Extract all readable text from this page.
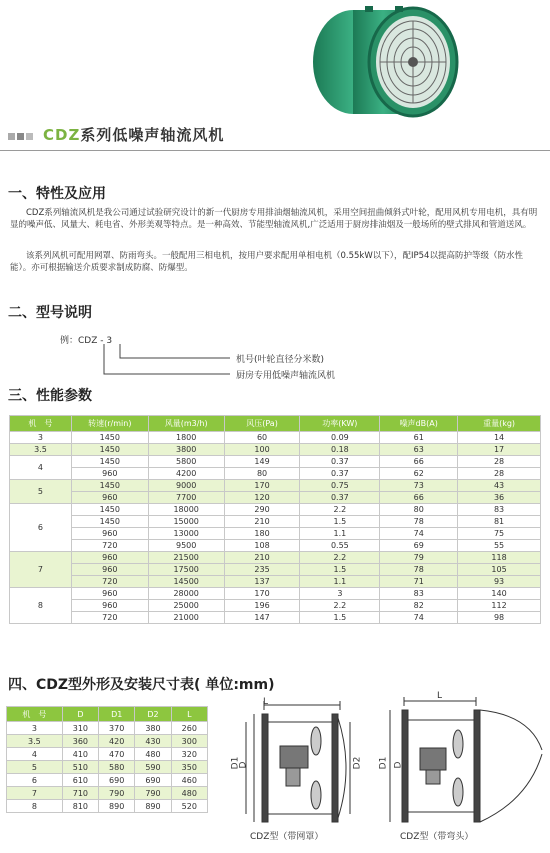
CDZ系列低噪声轴流风机
一、特性及应用
CDZ系列轴流风机是我公司通过试验研究设计的新一代厨房专用排油烟轴流风机，采用空间扭曲倾斜式叶轮，配用风机专用电机，具有明显的噪声低、风量大、耗电省、外形美观等特点。是一种高效、节能型轴流风机,广泛适用于厨房排油烟及一般场所的壁式排风和管道送风。
该系列风机可配用网罩、防雨弯头。一般配用三相电机，按用户要求配用单相电机（0.55kW以下），配IP54以提高防护等级（防水性能）。亦可根据输送介质要求制成防腐、防爆型。
二、型号说明
例：CDZ - 3
机号(叶轮直径分米数)
厨房专用低噪声轴流风机
三、性能参数
机　号	转速(r/min)	风量(m3/h)	风压(Pa)	功率(KW)	噪声dB(A)	重量(kg)
3	1450	1800	60	0.09	61	14
3.5	1450	3800	100	0.18	63	17
4	1450	5800	149	0.37	66	28
	960	4200	80	0.37	62	28
5	1450	9000	170	0.75	73	43
	960	7700	120	0.37	66	36
6	1450	18000	290	2.2	80	83
	1450	15000	210	1.5	78	81
	960	13000	180	1.1	74	75
	720	9500	108	0.55	69	55
7	960	21500	210	2.2	79	118
	960	17500	235	1.5	78	105
	720	14500	137	1.1	71	93
8	960	28000	170	3	83	140
	960	25000	196	2.2	82	112
	720	21000	147	1.5	74	98
四、CDZ型外形及安装尺寸表( 单位:mm)
机　号	D	D1	D2	L
3	310	370	380	260
3.5	360	420	430	300
4	410	470	480	320
5	510	580	590	350
6	610	690	690	460
7	710	790	790	480
8	810	890	890	520
L
D1
D	D2
CDZ型（带网罩）
L
D1 D
CDZ型（带弯头）
